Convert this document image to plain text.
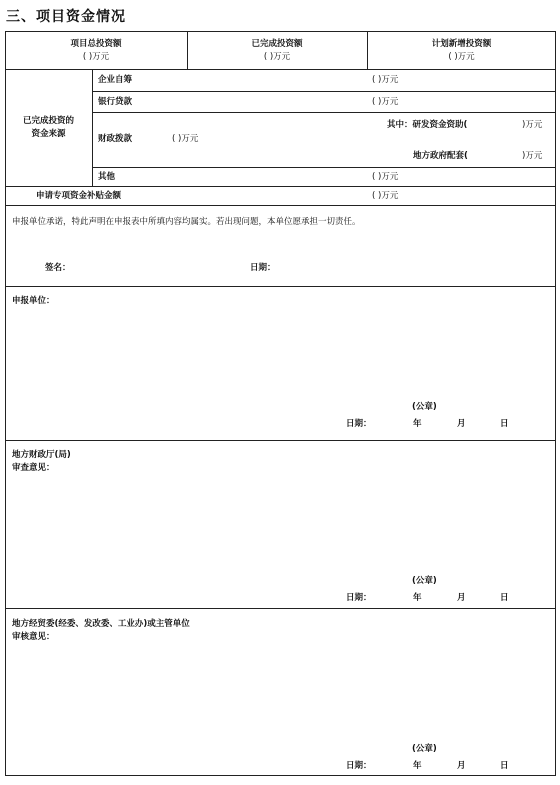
三、项目资金情况
项目总投资额
( )万元
已完成投资额
( )万元
计划新增投资额
( )万元
已完成投资的
资金来源
企业自筹	( )万元
银行贷款	( )万元
财政拨款	( )万元
其中：研发资金资助(	)万元
地方政府配套(	)万元
其他	( )万元
申请专项资金补贴金额	( )万元
申报单位承诺，特此声明在申报表中所填内容均属实。若出现问题，本单位愿承担一切责任。
签名：	日期：
申报单位：
(公章)
日期：	年	月	日
地方财政厅(局)
审查意见：
(公章)
日期：	年	月	日
地方经贸委(经委、发改委、工业办)或主管单位
审核意见：
(公章)
日期：	年	月	日
